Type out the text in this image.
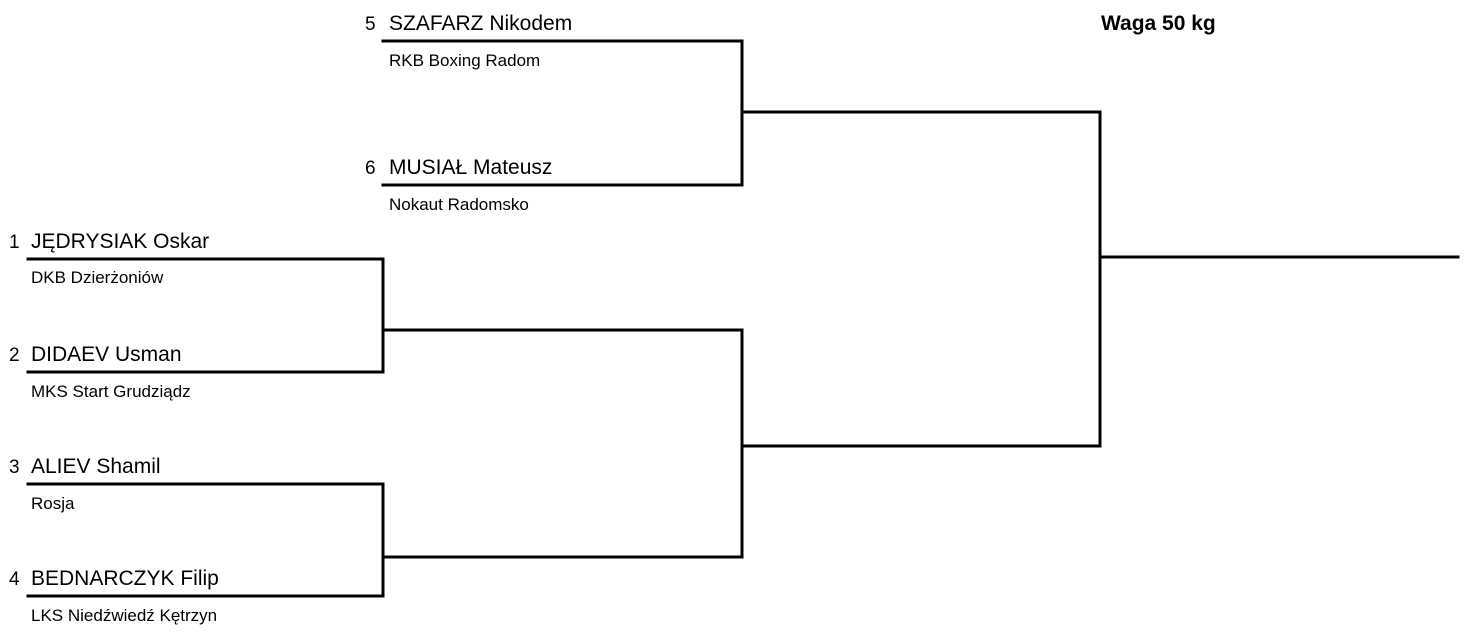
Waga 50 kg
5 SZAFARZ Nikodem
RKB Boxing Radom
6 MUSIAŁ Mateusz
Nokaut Radomsko
1 JĘDRYSIAK Oskar
DKB Dzierżoniów
2 DIDAEV Usman
MKS Start Grudziądz
3 ALIEV Shamil
Rosja
4 BEDNARCZYK Filip
LKS Niedźwiedź Kętrzyn
